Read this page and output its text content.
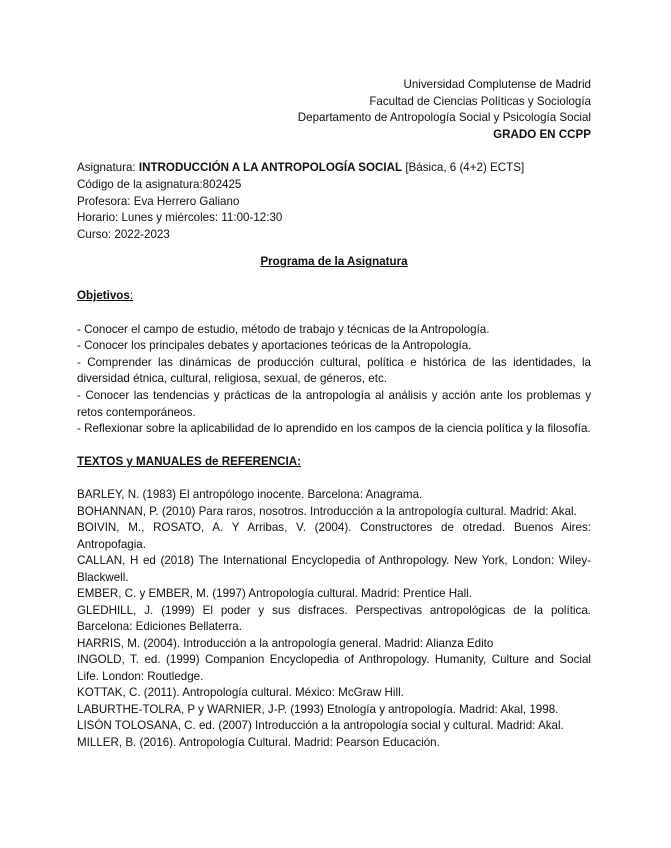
Universidad Complutense de Madrid
Facultad de Ciencias Políticas y Sociología
Departamento de Antropología Social y Psicología Social
GRADO EN CCPP
Asignatura: INTRODUCCIÓN A LA ANTROPOLOGÍA SOCIAL [Básica, 6 (4+2) ECTS]
Código de la asignatura:802425
Profesora: Eva Herrero Galiano
Horario: Lunes y miércoles: 11:00-12:30
Curso: 2022-2023
Programa de la Asignatura
Objetivos:

- Conocer el campo de estudio, método de trabajo y técnicas de la Antropología.

- Conocer los principales debates y aportaciones teóricas de la Antropología.

- Comprender las dinámicas de producción cultural, política e histórica de las identidades, la diversidad étnica, cultural, religiosa, sexual, de géneros, etc.

- Conocer las tendencias y prácticas de la antropología al análisis y acción ante los problemas y retos contemporáneos.

- Reflexionar sobre la aplicabilidad de lo aprendido en los campos de la ciencia política y la filosofía.

TEXTOS y MANUALES de REFERENCIA:

BARLEY, N. (1983) El antropólogo inocente. Barcelona: Anagrama.

BOHANNAN, P. (2010) Para raros, nosotros. Introducción a la antropología cultural. Madrid: Akal.

BOIVIN, M., ROSATO, A. Y Arribas, V. (2004). Constructores de otredad. Buenos Aires: Antropofagia.

CALLAN, H ed (2018) The International Encyclopedia of Anthropology. New York, London: Wiley-Blackwell.

EMBER, C. y EMBER, M. (1997) Antropología cultural. Madrid: Prentice Hall.

GLEDHILL, J. (1999) El poder y sus disfraces. Perspectivas antropológicas de la política. Barcelona: Ediciones Bellaterra.

HARRIS, M. (2004). Introducción a la antropología general. Madrid: Alianza Edito

INGOLD, T. ed. (1999) Companion Encyclopedia of Anthropology. Humanity, Culture and Social Life. London: Routledge.

KOTTAK, C. (2011). Antropología cultural. México: McGraw Hill.

LABURTHE-TOLRA, P y WARNIER, J-P. (1993) Etnología y antropología. Madrid: Akal, 1998.

LISÓN TOLOSANA, C. ed. (2007) Introducción a la antropología social y cultural. Madrid: Akal.

MILLER, B. (2016). Antropología Cultural. Madrid: Pearson Educación.
